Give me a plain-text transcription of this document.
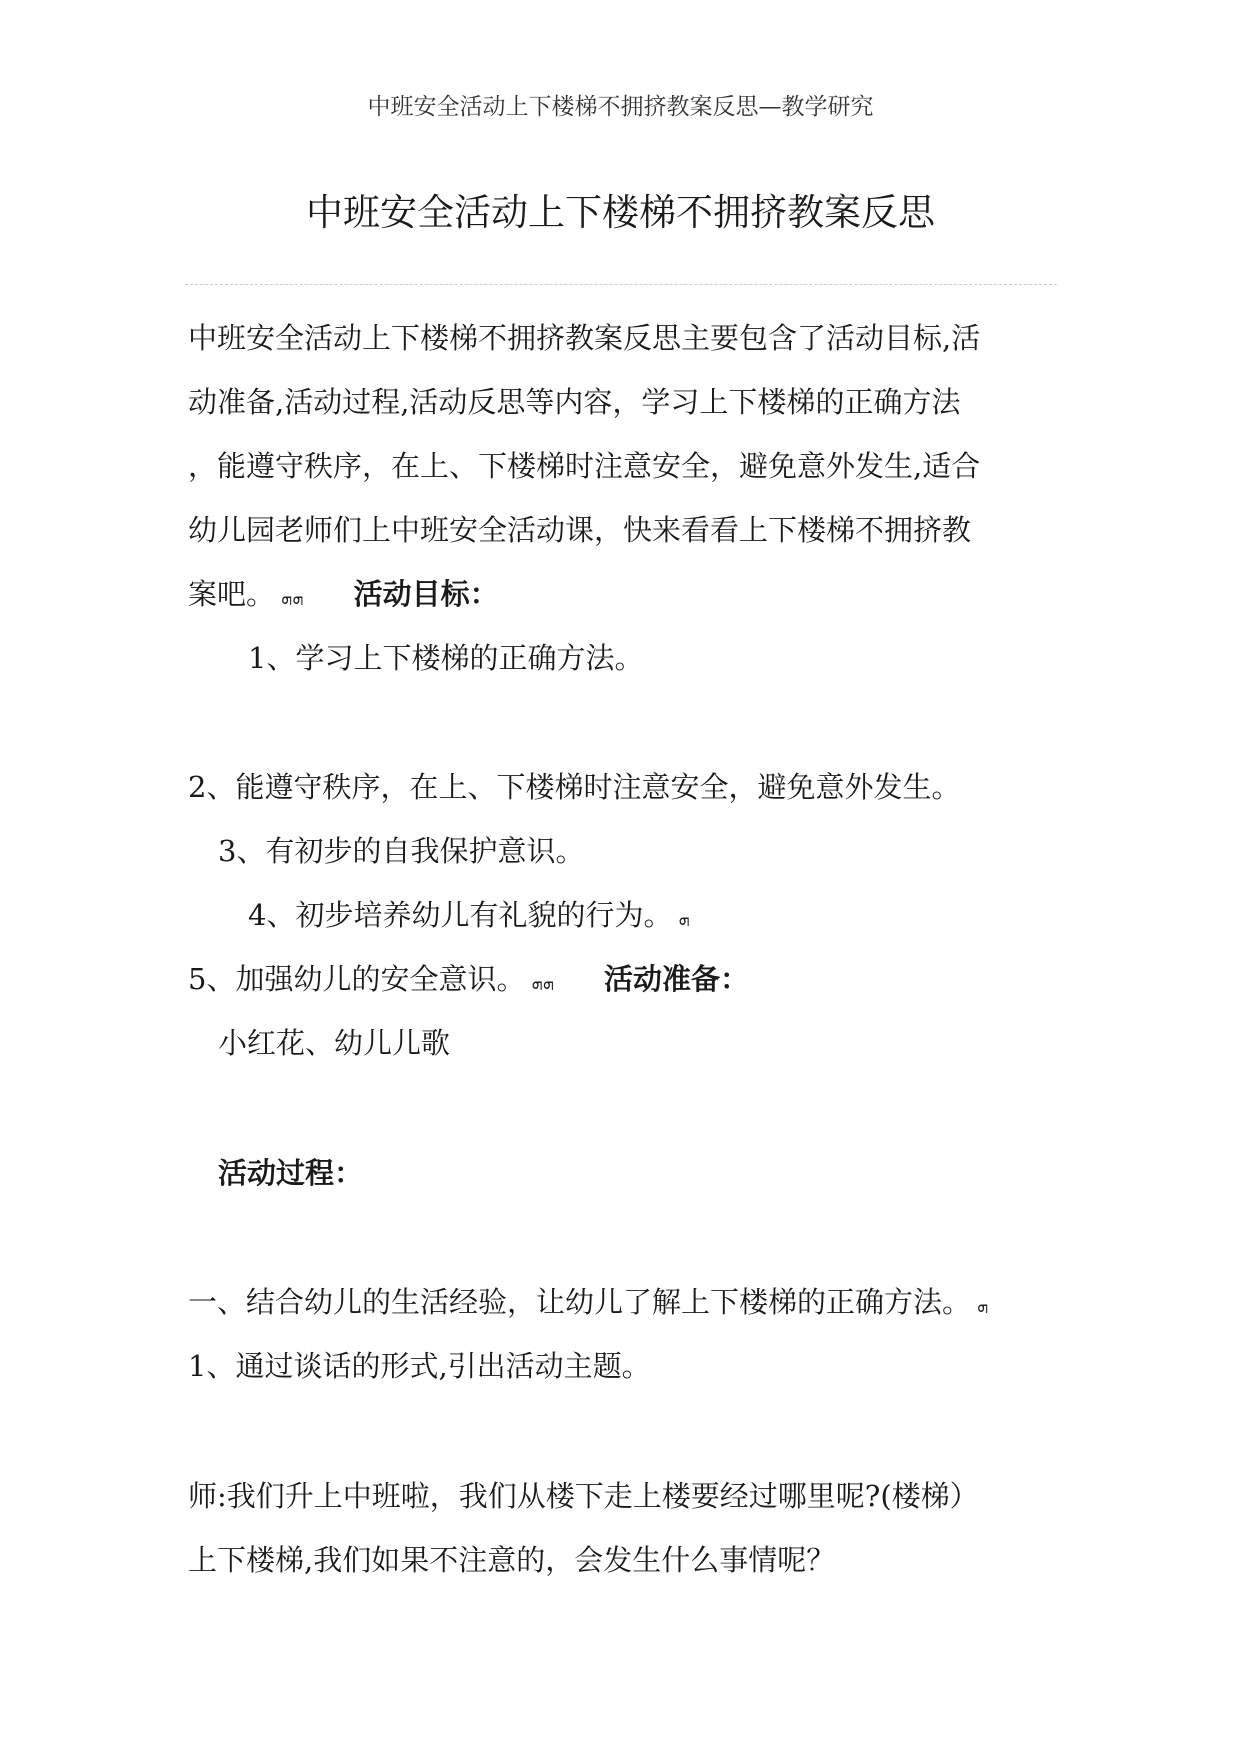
中班安全活动上下楼梯不拥挤教案反思—教学研究
中班安全活动上下楼梯不拥挤教案反思
中班安全活动上下楼梯不拥挤教案反思主要包含了活动目标,活
动准备,活动过程,活动反思等内容，学习上下楼梯的正确方法
，能遵守秩序，在上、下楼梯时注意安全，避免意外发生,适合
幼儿园老师们上中班安全活动课，快来看看上下楼梯不拥挤教
案吧。 ܗܗ 活动目标：
1、学习上下楼梯的正确方法。
2、能遵守秩序，在上、下楼梯时注意安全，避免意外发生。
3、有初步的自我保护意识。
4、初步培养幼儿有礼貌的行为。 ܗ
5、加强幼儿的安全意识。 ܗܗ 活动准备：
小红花、幼儿儿歌
活动过程：
一、结合幼儿的生活经验，让幼儿了解上下楼梯的正确方法。 ܗ
1、通过谈话的形式,引出活动主题。
师:我们升上中班啦，我们从楼下走上楼要经过哪里呢?(楼梯）
上下楼梯,我们如果不注意的，会发生什么事情呢？
